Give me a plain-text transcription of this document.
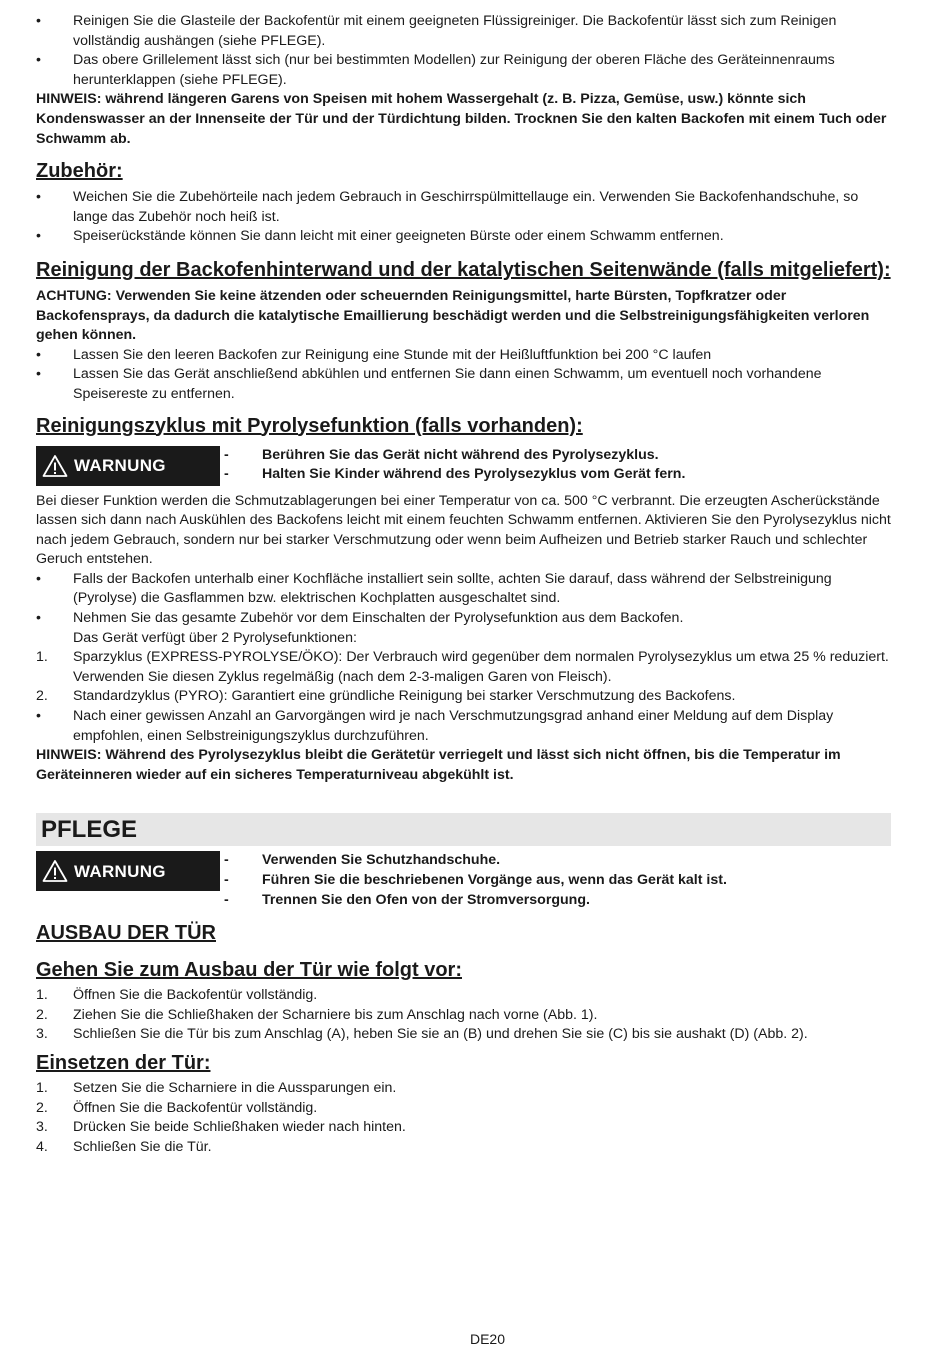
• Reinigen Sie die Glasteile der Backofentür mit einem geeigneten Flüssigreiniger. Die Backofentür lässt sich zum Reinigen vollständig aushängen (siehe PFLEGE).
• Das obere Grillelement lässt sich (nur bei bestimmten Modellen) zur Reinigung der oberen Fläche des Geräteinnenraums herunterklappen (siehe PFLEGE).
HINWEIS: während längeren Garens von Speisen mit hohem Wassergehalt (z. B. Pizza, Gemüse, usw.) könnte sich Kondenswasser an der Innenseite der Tür und der Türdichtung bilden. Trocknen Sie den kalten Backofen mit einem Tuch oder Schwamm ab.
Zubehör:
• Weichen Sie die Zubehörteile nach jedem Gebrauch in Geschirrspülmittellauge ein. Verwenden Sie Backofenhandschuhe, so lange das Zubehör noch heiß ist.
• Speiserückstände können Sie dann leicht mit einer geeigneten Bürste oder einem Schwamm entfernen.
Reinigung der Backofenhinterwand und der katalytischen Seitenwände (falls mitgeliefert):
ACHTUNG: Verwenden Sie keine ätzenden oder scheuernden Reinigungsmittel, harte Bürsten, Topfkratzer oder Backofensprays, da dadurch die katalytische Emaillierung beschädigt werden und die Selbstreinigungsfähigkeiten verloren gehen können.
• Lassen Sie den leeren Backofen zur Reinigung eine Stunde mit der Heißluftfunktion bei 200 °C laufen
• Lassen Sie das Gerät anschließend abkühlen und entfernen Sie dann einen Schwamm, um eventuell noch vorhandene Speisereste zu entfernen.
Reinigungszyklus mit Pyrolysefunktion (falls vorhanden):
WARNUNG
- Berühren Sie das Gerät nicht während des Pyrolysezyklus.
- Halten Sie Kinder während des Pyrolysezyklus vom Gerät fern.
Bei dieser Funktion werden die Schmutzablagerungen bei einer Temperatur von ca. 500 °C verbrannt. Die erzeugten Ascherückstände lassen sich dann nach Auskühlen des Backofens leicht mit einem feuchten Schwamm entfernen. Aktivieren Sie den Pyrolysezyklus nicht nach jedem Gebrauch, sondern nur bei starker Verschmutzung oder wenn beim Aufheizen und Betrieb starker Rauch und schlechter Geruch entstehen.
• Falls der Backofen unterhalb einer Kochfläche installiert sein sollte, achten Sie darauf, dass während der Selbstreinigung (Pyrolyse) die Gasflammen bzw. elektrischen Kochplatten ausgeschaltet sind.
• Nehmen Sie das gesamte Zubehör vor dem Einschalten der Pyrolysefunktion aus dem Backofen.
Das Gerät verfügt über 2 Pyrolysefunktionen:
1. Sparzyklus (EXPRESS-PYROLYSE/ÖKO): Der Verbrauch wird gegenüber dem normalen Pyrolysezyklus um etwa 25 % reduziert. Verwenden Sie diesen Zyklus regelmäßig (nach dem 2-3-maligen Garen von Fleisch).
2. Standardzyklus (PYRO): Garantiert eine gründliche Reinigung bei starker Verschmutzung des Backofens.
• Nach einer gewissen Anzahl an Garvorgängen wird je nach Verschmutzungsgrad anhand einer Meldung auf dem Display empfohlen, einen Selbstreinigungszyklus durchzuführen.
HINWEIS: Während des Pyrolysezyklus bleibt die Gerätetür verriegelt und lässt sich nicht öffnen, bis die Temperatur im Geräteinneren wieder auf ein sicheres Temperaturniveau abgekühlt ist.
PFLEGE
WARNUNG
- Verwenden Sie Schutzhandschuhe.
- Führen Sie die beschriebenen Vorgänge aus, wenn das Gerät kalt ist.
- Trennen Sie den Ofen von der Stromversorgung.
AUSBAU DER TÜR
Gehen Sie zum Ausbau der Tür wie folgt vor:
1. Öffnen Sie die Backofentür vollständig.
2. Ziehen Sie die Schließhaken der Scharniere bis zum Anschlag nach vorne (Abb. 1).
3. Schließen Sie die Tür bis zum Anschlag (A), heben Sie sie an (B) und drehen Sie sie (C) bis sie aushakt (D) (Abb. 2).
Einsetzen der Tür:
1. Setzen Sie die Scharniere in die Aussparungen ein.
2. Öffnen Sie die Backofentür vollständig.
3. Drücken Sie beide Schließhaken wieder nach hinten.
4. Schließen Sie die Tür.
DE20
